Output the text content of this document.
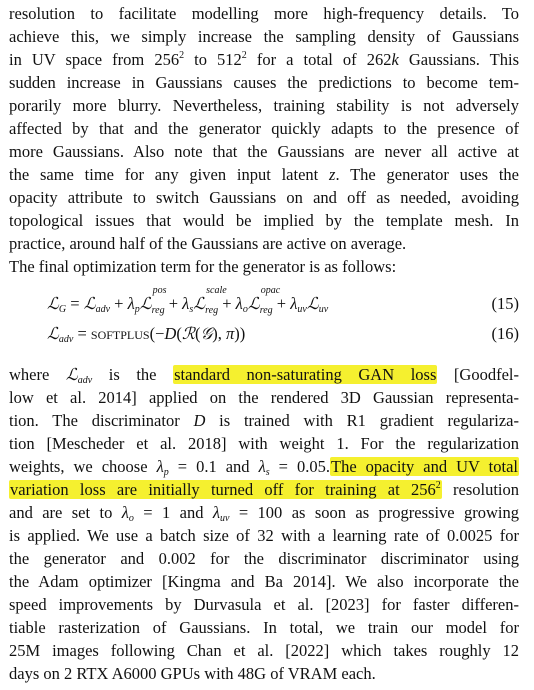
resolution to facilitate modelling more high-frequency details. To
achieve this, we simply increase the sampling density of Gaussians
in UV space from $256^2$ to $512^2$ for a total of 262k Gaussians. This
sudden increase in Gaussians causes the predictions to become tem-
porarily more blurry. Nevertheless, training stability is not adversely
affected by that and the generator quickly adapts to the presence of
more Gaussians. Also note that the Gaussians are never all active at
the same time for any given input latent z. The generator uses the
opacity attribute to switch Gaussians on and off as needed, avoiding
topological issues that would be implied by the template mesh. In
practice, around half of the Gaussians are active on average.
The final optimization term for the generator is as follows:
ℒ$_G$ = ℒ$_{adv}$ + $\lambda_pℒ$
pos
reg + $\lambda_sℒ$
scale
reg + $\lambda_oℒ$
opac
reg + $\lambda_{uv}ℒ_{uv}$	(15)
ℒ$_{adv}$ = softplus(−D(ℛ(𝒢), π))	(16)
where ℒ$_{adv}$ is the standard non-saturating GAN loss [Goodfel-
low et al. 2014] applied on the rendered 3D Gaussian representa-
tion. The discriminator D is trained with R1 gradient regulariza-
tion [Mescheder et al. 2018] with weight 1. For the regularization
weights, we choose $\lambda_p = 0.1$ and $\lambda_s = 0.05.The$ opacity and UV total
variation loss are initially turned off for training at $256^2$ resolution
and are set to $\lambda_o = 1$ and $\lambda_{uv} = 100$ as soon as progressive growing
is applied. We use a batch size of 32 with a learning rate of 0.0025 for
the generator and 0.002 for the discriminator discriminator using
the Adam optimizer [Kingma and Ba 2014]. We also incorporate the
speed improvements by Durvasula et al. [2023] for faster differen-
tiable rasterization of Gaussians. In total, we train our model for
25M images following Chan et al. [2022] which takes roughly 12
days on 2 RTX A6000 GPUs with 48G of VRAM each.
